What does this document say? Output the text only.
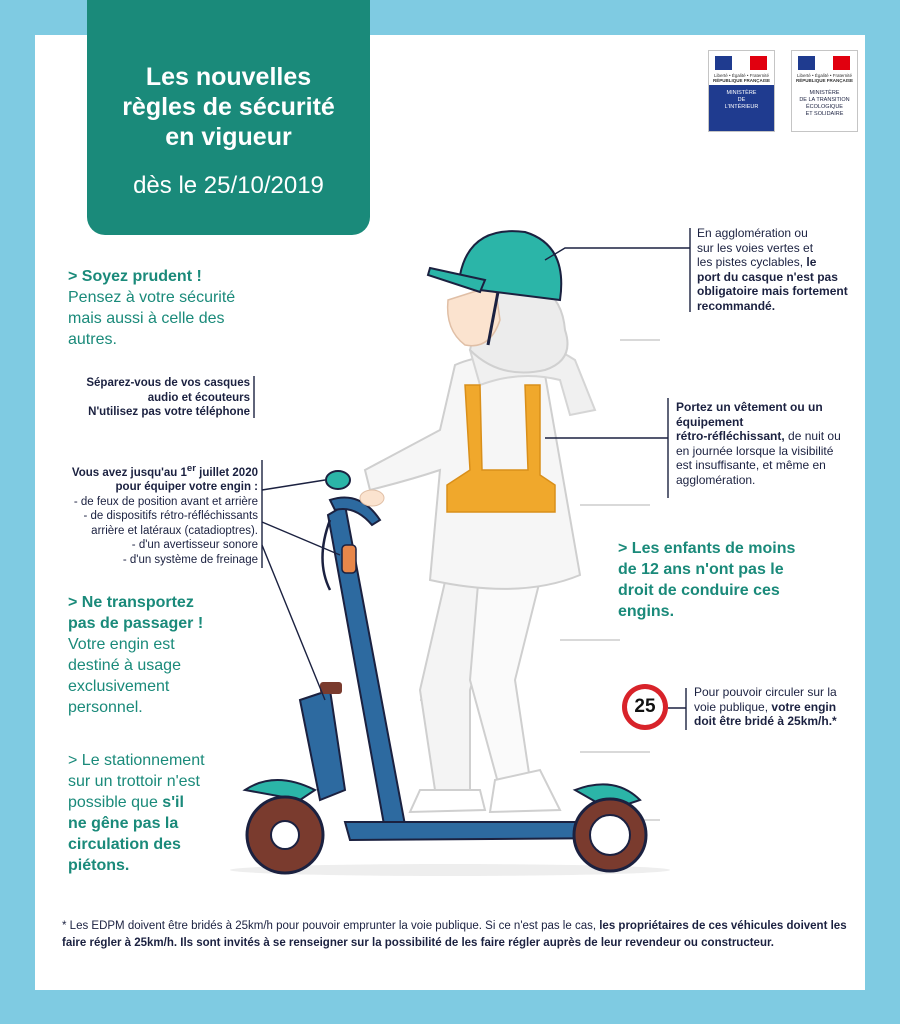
Les nouvelles
règles de sécurité
en vigueur
dès le 25/10/2019
Liberté • Égalité • Fraternité
RÉPUBLIQUE FRANÇAISE
MINISTÈRE
DE
L'INTÉRIEUR
Liberté • Égalité • Fraternité
RÉPUBLIQUE FRANÇAISE
MINISTÈRE
DE LA TRANSITION
ÉCOLOGIQUE
ET SOLIDAIRE
> Soyez prudent !
Pensez à votre sécurité
mais aussi à celle des
autres.
Séparez-vous de vos casques
audio et écouteurs
N'utilisez pas votre téléphone
Vous avez jusqu'au 1er juillet 2020
pour équiper votre engin :
- de feux de position avant et arrière
- de dispositifs rétro-réfléchissants
arrière et latéraux (catadioptres).
- d'un avertisseur sonore
- d'un système de freinage
> Ne transportez
pas de passager !
Votre engin est
destiné à usage
exclusivement
personnel.
> Le stationnement
sur un trottoir n'est
possible que s'il
ne gêne pas la
circulation des
piétons.
En agglomération ou
sur les voies vertes et
les pistes cyclables, le
port du casque n'est pas
obligatoire mais fortement
recommandé.
Portez un vêtement ou un
équipement
rétro-réfléchissant, de nuit ou
en journée lorsque la visibilité
est insuffisante, et même en
agglomération.
> Les enfants de moins
de 12 ans n'ont pas le
droit de conduire ces
engins.
25
Pour pouvoir circuler sur la
voie publique, votre engin
doit être bridé à 25km/h.*
* Les EDPM doivent être bridés à 25km/h pour pouvoir emprunter la voie publique. Si ce n'est pas le cas, les propriétaires de ces véhicules doivent les faire régler à 25km/h. Ils sont invités à se renseigner sur la possibilité de les faire régler auprès de leur revendeur ou constructeur.
